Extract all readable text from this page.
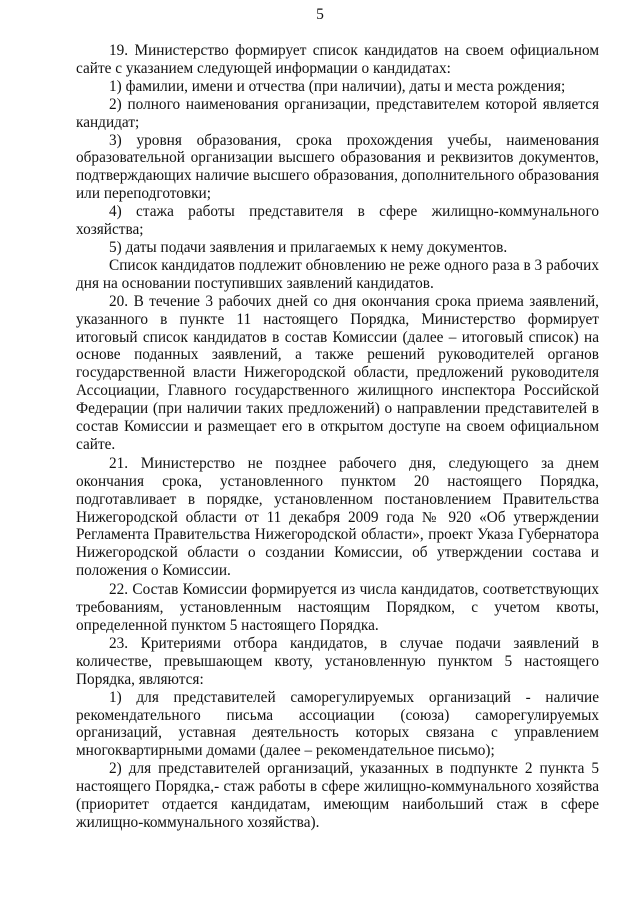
5

19. Министерство формирует список кандидатов на своем официальном сайте с указанием следующей информации о кандидатах:

1) фамилии, имени и отчества (при наличии), даты и места рождения;

2) полного наименования организации, представителем которой является кандидат;

3) уровня образования, срока прохождения учебы, наименования образовательной организации высшего образования и реквизитов документов, подтверждающих наличие высшего образования, дополнительного образования или переподготовки;

4) стажа работы представителя в сфере жилищно-коммунального хозяйства;

5) даты подачи заявления и прилагаемых к нему документов.

Список кандидатов подлежит обновлению не реже одного раза в 3 рабочих дня на основании поступивших заявлений кандидатов.

20. В течение 3 рабочих дней со дня окончания срока приема заявлений, указанного в пункте 11 настоящего Порядка, Министерство формирует итоговый список кандидатов в состав Комиссии (далее – итоговый список) на основе поданных заявлений, а также решений руководителей органов государственной власти Нижегородской области, предложений руководителя Ассоциации, Главного государственного жилищного инспектора Российской Федерации (при наличии таких предложений) о направлении представителей в состав Комиссии и размещает его в открытом доступе на своем официальном сайте.

21. Министерство не позднее рабочего дня, следующего за днем окончания срока, установленного пунктом 20 настоящего Порядка, подготавливает в порядке, установленном постановлением Правительства Нижегородской области от 11 декабря 2009 года № 920 «Об утверждении Регламента Правительства Нижегородской области», проект Указа Губернатора Нижегородской области о создании Комиссии, об утверждении состава и положения о Комиссии.

22. Состав Комиссии формируется из числа кандидатов, соответствующих требованиям, установленным настоящим Порядком, с учетом квоты, определенной пунктом 5 настоящего Порядка.

23. Критериями отбора кандидатов, в случае подачи заявлений в количестве, превышающем квоту, установленную пунктом 5 настоящего Порядка, являются:

1) для представителей саморегулируемых организаций - наличие рекомендательного письма ассоциации (союза) саморегулируемых организаций, уставная деятельность которых связана с управлением многоквартирными домами (далее – рекомендательное письмо);

2) для представителей организаций, указанных в подпункте 2 пункта 5 настоящего Порядка,- стаж работы в сфере жилищно-коммунального хозяйства (приоритет отдается кандидатам, имеющим наибольший стаж в сфере жилищно-коммунального хозяйства).
